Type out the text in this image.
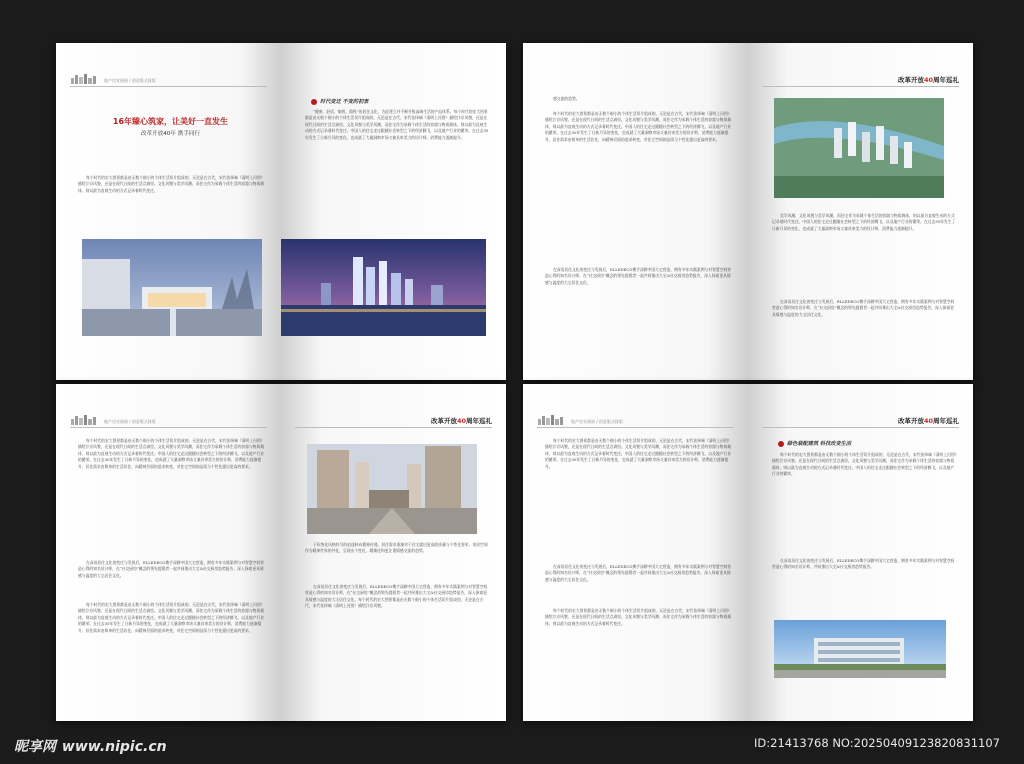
地产房宣画册 / 创意版式排版
16年臻心筑家，让美好一直发生
改革开放40年 携手同行
每个时代的宏大图景都是由无数个细小的个体生活切片组成的，无论是在古代，宋代张择端《清明上河图》描绘汴京风貌，还是在现代日间的生活点滴里。文化风貌与美学风潮，而住宅作为承载个体生活的容器与物质载体，则以最为直观生动的方式记录着时代变迁。
时代变迁 不变的初衷
“健康、舒适、愉悦、精致”的居住文化，为此建立并不断升级高端生活的产品体系。每个时代的宏大图景都是由无数个细小的个体生活切片组成的，无论是在古代，宋代张择端《清明上河图》描绘汴京风貌，还是在现代日间的生活点滴里。文化风貌与美学风潮，而住宅作为承载个体生活的容器与物质载体，则以最为直观生动的方式记录着时代变迁。中国人的住宅走过跟随社会转型之下的经济腾飞，以及地产行业的繁荣。在过去30年发生了日新月异的变化，也成就了大量洞察市场又兼具审美力的设计师，消费能力逐渐提升。
感交流的趋势。
每个时代的宏大图景都是由无数个细小的个体生活切片组成的，无论是在古代，宋代张择端《清明上河图》描绘汴京风貌，还是在现代日间的生活点滴里。文化风貌与美学风潮，而住宅作为承载个体生活的容器与物质载体，则以最为直观生动的方式记录着时代变迁。中国人的住宅走过跟随社会转型之下的经济腾飞，以及地产行业的繁荣。在过去30年发生了日新月异的变化，也成就了大量洞察市场又兼具审美力的设计师，消费能力逐渐提升，居住需求由简单的生活居住，向精神层面的追求转变，对住宅空间的品质与个性化提出更高的要求。
在深谙居住文化的变迁与发展后，ELLEDECO携手深耕中国大宅营造，拥有多年实践案例与对智慧空间营造心得的知名设计师，在“社交厨房”概念的领先提倡者一起共同推出大宅&社交厨房趋势报告，深入探索更具情感与温度的大宅居住文化。
改革开放40周年巡礼
美学风潮，文化风貌与美学风潮，而住宅作为承载个体生活的容器与物质载体，则以最为直观生动的方式记录着时代变迁。中国人的住宅走过跟随社会转型之下的经济腾飞，以及地产行业的繁荣。在过去30年发生了日新月异的变化，也成就了大量洞察市场又兼具审美力的设计师，消费能力逐渐提升。
在深谙居住文化的变迁与发展后，ELLEDECO携手深耕中国大宅营造，拥有多年实践案例与对智慧空间营造心得的知名设计师，在“社交厨房”概念的领先提倡者一起共同推出大宅&社交厨房趋势报告，深入探索更具情感与温度的大宅居住文化。
地产房宣画册 / 创意版式排版
每个时代的宏大图景都是由无数个细小的个体生活切片组成的，无论是在古代，宋代张择端《清明上河图》描绘汴京风貌，还是在现代日间的生活点滴里。文化风貌与美学风潮，而住宅作为承载个体生活的容器与物质载体，则以最为直观生动的方式记录着时代变迁。中国人的住宅走过跟随社会转型之下的经济腾飞，以及地产行业的繁荣。在过去30年发生了日新月异的变化，也成就了大量洞察市场又兼具审美力的设计师，消费能力逐渐提升，居住需求由简单的生活居住，向精神层面的追求转变，对住宅空间的品质与个性化提出更高的要求。
在深谙居住文化的变迁与发展后，ELLEDECO携手深耕中国大宅营造，拥有多年实践案例与对智慧空间营造心得的知名设计师，在“社交厨房”概念的领先提倡者一起共同推出大宅&社交厨房趋势报告，深入探索更具情感与温度的大宅居住文化。
每个时代的宏大图景都是由无数个细小的个体生活切片组成的，无论是在古代，宋代张择端《清明上河图》描绘汴京风貌，还是在现代日间的生活点滴里。文化风貌与美学风潮，而住宅作为承载个体生活的容器与物质载体，则以最为直观生动的方式记录着时代变迁。中国人的住宅走过跟随社会转型之下的经济腾飞，以及地产行业的繁荣。在过去30年发生了日新月异的变化，也成就了大量洞察市场又兼具审美力的设计师，消费能力逐渐提升，居住需求由简单的生活居住，向精神层面的追求转变，对住宅空间的品质与个性化提出更高的要求。
改革开放40周年巡礼
于标签化风格符号的追逐转向精神传递，居住需求逐渐对于住宅提出更高的质量与个性化要求，家居空间作为精神世界的外化，呈现出个性化、精细化和更注重情感交流的趋势。
在深谙居住文化的变迁与发展后，ELLEDECO携手深耕中国大宅营造，拥有多年实践案例与对智慧空间营造心得的知名设计师，在“社交厨房”概念的领先提倡者一起共同推出大宅&社交厨房趋势报告，深入探索更具情感与温度的大宅居住文化。每个时代的宏大图景都是由无数个细小的个体生活切片组成的，无论是在古代，宋代张择端《清明上河图》描绘汴京风貌。
地产房宣画册 / 创意版式排版
每个时代的宏大图景都是由无数个细小的个体生活切片组成的，无论是在古代，宋代张择端《清明上河图》描绘汴京风貌，还是在现代日间的生活点滴里。文化风貌与美学风潮，而住宅作为承载个体生活的容器与物质载体，则以最为直观生动的方式记录着时代变迁。中国人的住宅走过跟随社会转型之下的经济腾飞，以及地产行业的繁荣。在过去30年发生了日新月异的变化，也成就了大量洞察市场又兼具审美力的设计师，消费能力逐渐提升。
在深谙居住文化的变迁与发展后，ELLEDECO携手深耕中国大宅营造，拥有多年实践案例与对智慧空间营造心得的知名设计师，在“社交厨房”概念的领先提倡者一起共同推出大宅&社交厨房趋势报告，深入探索更具情感与温度的大宅居住文化。
每个时代的宏大图景都是由无数个细小的个体生活切片组成的，无论是在古代，宋代张择端《清明上河图》描绘汴京风貌，还是在现代日间的生活点滴里。文化风貌与美学风潮，而住宅作为承载个体生活的容器与物质载体，则以最为直观生动的方式记录着时代变迁。
改革开放40周年巡礼
绿色装配建筑 科技改变生活
每个时代的宏大图景都是由无数个细小的个体生活切片组成的，无论是在古代，宋代张择端《清明上河图》描绘汴京风貌，还是在现代日间的生活点滴里。文化风貌与美学风潮，而住宅作为承载个体生活的容器与物质载体，则以最为直观生动的方式记录着时代变迁。中国人的住宅走过跟随社会转型之下的经济腾飞，以及地产行业的繁荣。
在深谙居住文化的变迁与发展后，ELLEDECO携手深耕中国大宅营造，拥有多年实践案例与对智慧空间营造心得的知名设计师，共同推出大宅&社交厨房趋势报告。
昵享网 www.nipic.cn	ID:21413768 NO:20250409123820831107
